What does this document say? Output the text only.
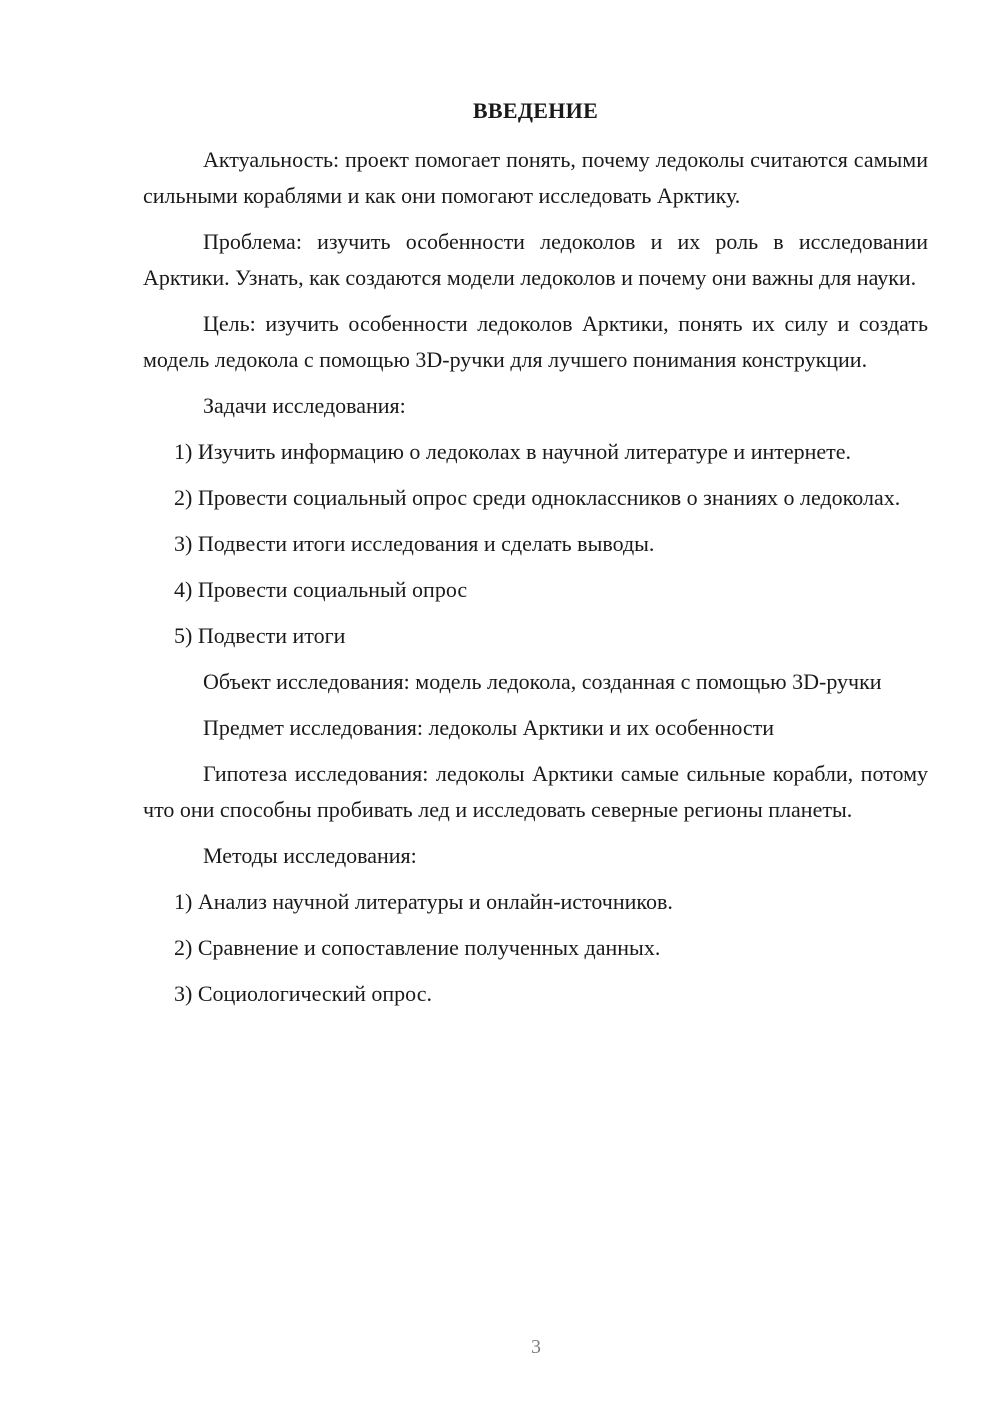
ВВЕДЕНИЕ

Актуальность: проект помогает понять, почему ледоколы считаются самыми сильными кораблями и как они помогают исследовать Арктику.

Проблема: изучить особенности ледоколов и их роль в исследовании Арктики. Узнать, как создаются модели ледоколов и почему они важны для науки.

Цель: изучить особенности ледоколов Арктики, понять их силу и создать модель ледокола с помощью 3D-ручки для лучшего понимания конструкции.

Задачи исследования:

1) Изучить информацию о ледоколах в научной литературе и интернете.

2) Провести социальный опрос среди одноклассников о знаниях о ледоколах.

3) Подвести итоги исследования и сделать выводы.

4) Провести социальный опрос

5) Подвести итоги

Объект исследования: модель ледокола, созданная с помощью 3D-ручки

Предмет исследования: ледоколы Арктики и их особенности

Гипотеза исследования: ледоколы Арктики самые сильные корабли, потому что они способны пробивать лед и исследовать северные регионы планеты.

Методы исследования:

1) Анализ научной литературы и онлайн-источников.

2) Сравнение и сопоставление полученных данных.

3) Социологический опрос.

3
